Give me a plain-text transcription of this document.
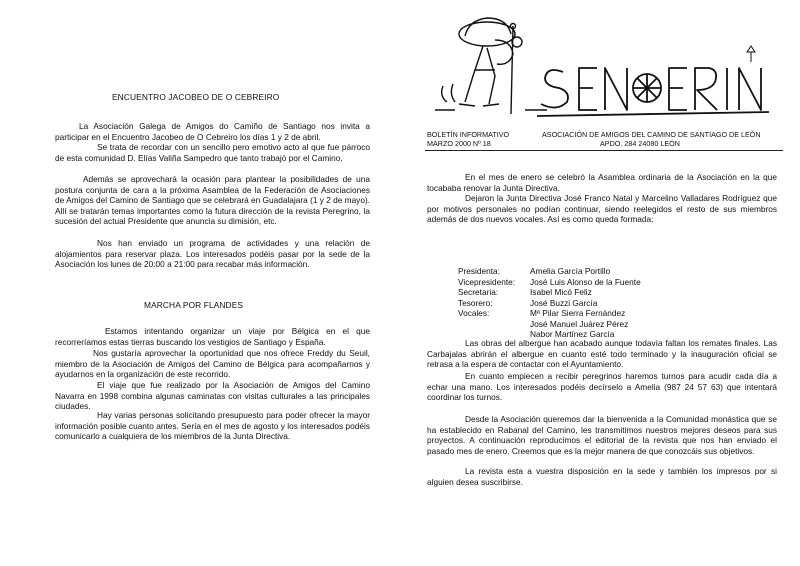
ENCUENTRO JACOBEO DE O CEBREIRO

La Asociación Galega de Amigos do Camiño de Santiago nos invita a participar en el Encuentro Jacobeo de O Cebreiro los días 1 y 2 de abril.

Se trata de recordar con un sencillo pero emotivo acto al que fue párroco de esta comunidad D. Elías Valiña Sampedro que tanto trabajó por el Camino.

Además se aprovechará la ocasión para plantear la posibilidades de una postura conjunta de cara a la próxima Asamblea de la Federación de Asociaciones de Amigos del Camino de Santiago que se celebrará en Guadalajara (1 y 2 de mayo). Allí se tratarán temas importantes como la futura dirección de la revista Peregrino, la sucesión del actual Presidente que anuncia su dimisión, etc.

Nos han enviado un programa de actividades y una relación de alojamientos para reservar plaza. Los interesados podéis pasar por la sede de la Asociación los lunes de 20:00 a 21:00 para recabar más información.

MARCHA POR FLANDES

Estamos intentando organizar un viaje por Bélgica en el que recorreríamos estas tierras buscando los vestigios de Santiago y España.

Nos gustaría aprovechar la oportunidad que nos ofrece Freddy du Seuil, miembro de la Asociación de Amigos del Camino de Bélgica para acompañarnos y ayudarnos en la organización de este recorrido.

El viaje que fue realizado por la Asociación de Amigos del Camino Navarra en 1998 combina algunas caminatas con visitas culturales a las principales ciudades.

Hay varias personas solicitando presupuesto para poder ofrecer la mayor información posible cuanto antes. Sería en el mes de agosto y los interesados podéis comunicarlo a cualquiera de los miembros de la Junta Directiva.

BOLETÍN INFORMATIVO
MARZO 2000 Nº 18
ASOCIACIÓN DE AMIGOS DEL CAMINO DE SANTIAGO DE LEÓN
APDO. 284 24080 LEÓN

En el mes de enero se celebró la Asamblea ordinaria de la Asociación en la que tocababa renovar la Junta Directiva.

Dejaron la Junta Directiva José Franco Natal y Marcelino Valladares Rodríguez que por motivos personales no podían continuar, siendo reelegidos el resto de sus miembros además de dos nuevos vocales. Así es como queda formada:

Presidenta:	Amelia García Portillo
Vicepresidente:	José Luis Alonso de la Fuente
Secretaria:	Isabel Micó Feliz
Tesorero:	José Buzzi García
Vocales:	Mª Pilar Sierra Fernández
José Manuel Juárez Pérez
Nabor Martínez García

Las obras del albergue han acabado aunque todavía faltan los remates finales. Las Carbajalas abrirán el albergue en cuanto esté todo terminado y la inauguración oficial se retrasa a la espera de contactar con el Ayuntamiento.

En cuanto empiecen a recibir peregrinos haremos turnos para acudir cada día a echar una mano. Los interesados podéis decírselo a Amelia (987 24 57 63) que intentará coordinar los turnos.

Desde la Asociación queremos dar la bienvenida a la Comunidad monástica que se ha establecido en Rabanal del Camino, les transmitimos nuestros mejores deseos para sus proyectos. A continuación reproducimos el editorial de la revista que nos han enviado el pasado mes de enero. Creemos que es la mejor manera de que conozcáis sus objetivos.

La revista esta a vuestra disposición en la sede y también los impresos por si alguien desea suscribirse.
